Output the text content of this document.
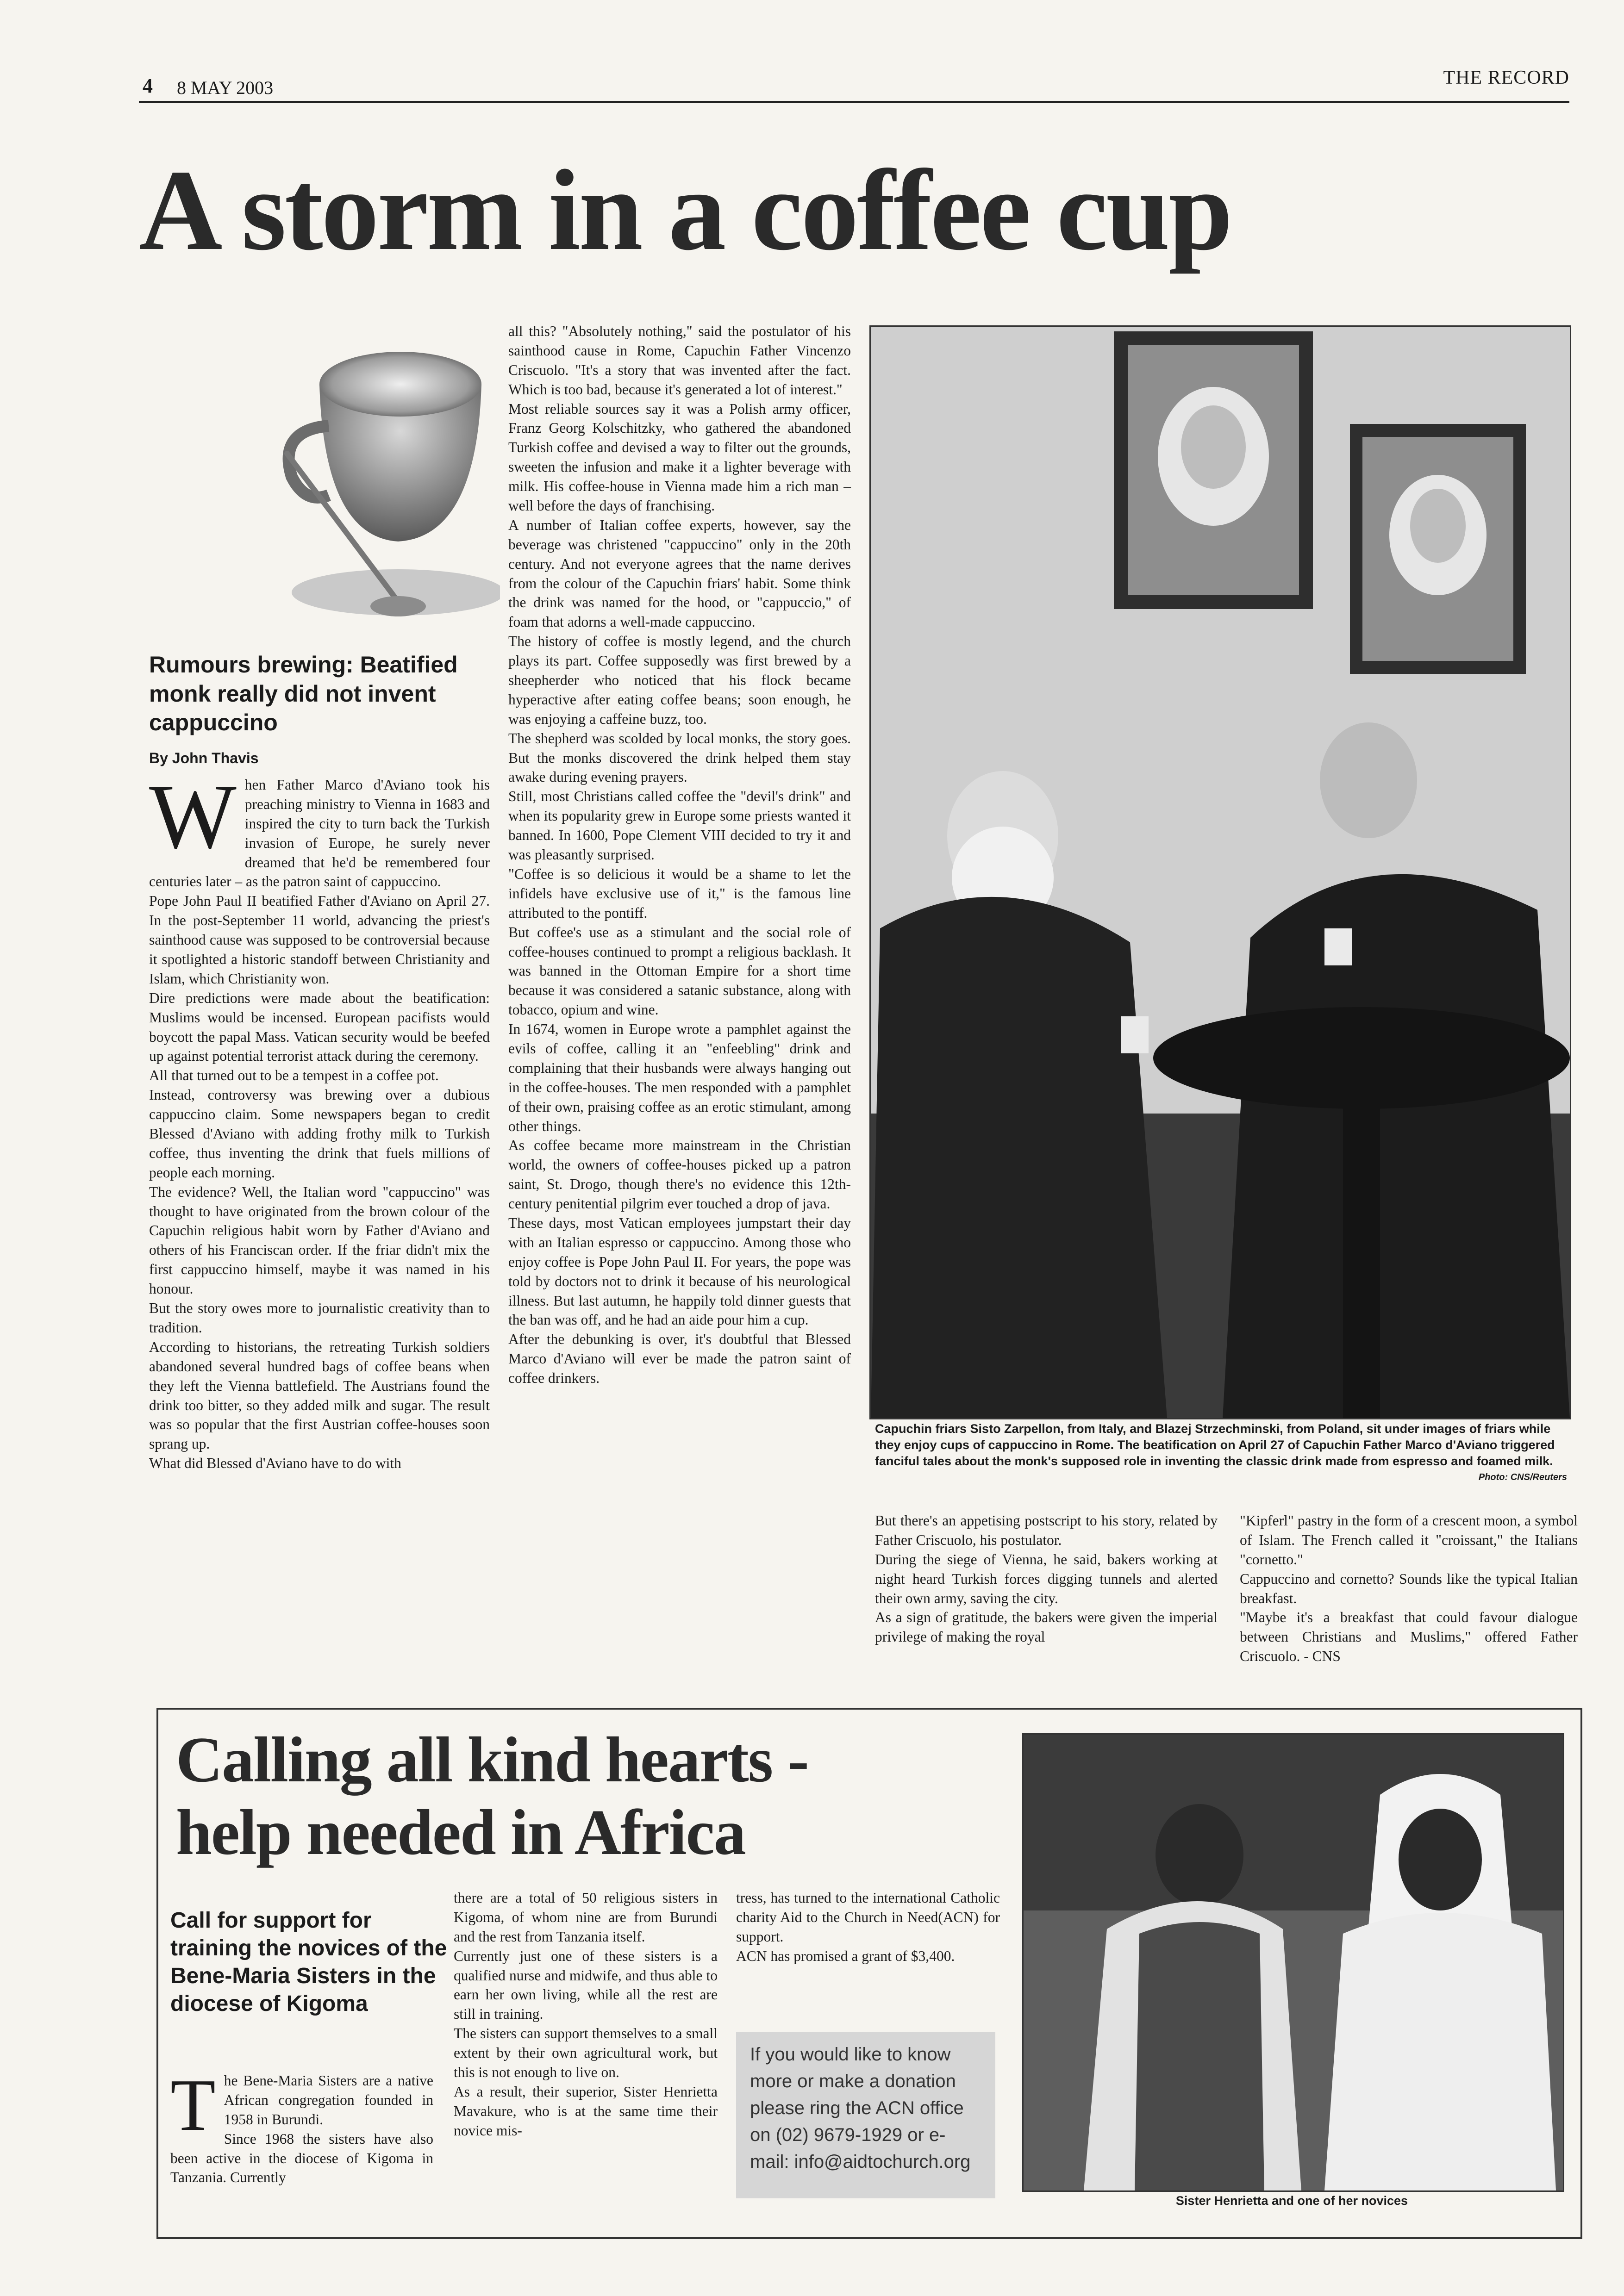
4 8 MAY 2003	THE RECORD
A storm in a coffee cup
Rumours brewing: Beatified monk really did not invent cappuccino
By John Thavis

When Father Marco d'Aviano took his preaching ministry to Vienna in 1683 and inspired the city to turn back the Turkish invasion of Europe, he surely never dreamed that he'd be remembered four centuries later – as the patron saint of cappuccino.

Pope John Paul II beatified Father d'Aviano on April 27. In the post-September 11 world, advancing the priest's sainthood cause was supposed to be controversial because it spotlighted a historic standoff between Christianity and Islam, which Christianity won.

Dire predictions were made about the beatification: Muslims would be incensed. European pacifists would boycott the papal Mass. Vatican security would be beefed up against potential terrorist attack during the ceremony.

All that turned out to be a tempest in a coffee pot.

Instead, controversy was brewing over a dubious cappuccino claim. Some newspapers began to credit Blessed d'Aviano with adding frothy milk to Turkish coffee, thus inventing the drink that fuels millions of people each morning.

The evidence? Well, the Italian word "cappuccino" was thought to have originated from the brown colour of the Capuchin religious habit worn by Father d'Aviano and others of his Franciscan order. If the friar didn't mix the first cappuccino himself, maybe it was named in his honour.

But the story owes more to journalistic creativity than to tradition.

According to historians, the retreating Turkish soldiers abandoned several hundred bags of coffee beans when they left the Vienna battlefield. The Austrians found the drink too bitter, so they added milk and sugar. The result was so popular that the first Austrian coffee-houses soon sprang up.

What did Blessed d'Aviano have to do with

all this? "Absolutely nothing," said the postulator of his sainthood cause in Rome, Capuchin Father Vincenzo Criscuolo. "It's a story that was invented after the fact. Which is too bad, because it's generated a lot of interest."

Most reliable sources say it was a Polish army officer, Franz Georg Kolschitzky, who gathered the abandoned Turkish coffee and devised a way to filter out the grounds, sweeten the infusion and make it a lighter beverage with milk. His coffee-house in Vienna made him a rich man – well before the days of franchising.

A number of Italian coffee experts, however, say the beverage was christened "cappuccino" only in the 20th century. And not everyone agrees that the name derives from the colour of the Capuchin friars' habit. Some think the drink was named for the hood, or "cappuccio," of foam that adorns a well-made cappuccino.

The history of coffee is mostly legend, and the church plays its part. Coffee supposedly was first brewed by a sheepherder who noticed that his flock became hyperactive after eating coffee beans; soon enough, he was enjoying a caffeine buzz, too.

The shepherd was scolded by local monks, the story goes. But the monks discovered the drink helped them stay awake during evening prayers.

Still, most Christians called coffee the "devil's drink" and when its popularity grew in Europe some priests wanted it banned. In 1600, Pope Clement VIII decided to try it and was pleasantly surprised.

"Coffee is so delicious it would be a shame to let the infidels have exclusive use of it," is the famous line attributed to the pontiff.

But coffee's use as a stimulant and the social role of coffee-houses continued to prompt a religious backlash. It was banned in the Ottoman Empire for a short time because it was considered a satanic substance, along with tobacco, opium and wine.

In 1674, women in Europe wrote a pamphlet against the evils of coffee, calling it an "enfeebling" drink and complaining that their husbands were always hanging out in the coffee-houses. The men responded with a pamphlet of their own, praising coffee as an erotic stimulant, among other things.

As coffee became more mainstream in the Christian world, the owners of coffee-houses picked up a patron saint, St. Drogo, though there's no evidence this 12th-century penitential pilgrim ever touched a drop of java.

These days, most Vatican employees jumpstart their day with an Italian espresso or cappuccino. Among those who enjoy coffee is Pope John Paul II. For years, the pope was told by doctors not to drink it because of his neurological illness. But last autumn, he happily told dinner guests that the ban was off, and he had an aide pour him a cup.

After the debunking is over, it's doubtful that Blessed Marco d'Aviano will ever be made the patron saint of coffee drinkers.

Capuchin friars Sisto Zarpellon, from Italy, and Blazej Strzechminski, from Poland, sit under images of friars while they enjoy cups of cappuccino in Rome. The beatification on April 27 of Capuchin Father Marco d'Aviano triggered fanciful tales about the monk's supposed role in inventing the classic drink made from espresso and foamed milk.
Photo: CNS/Reuters

But there's an appetising postscript to his story, related by Father Criscuolo, his postulator.

During the siege of Vienna, he said, bakers working at night heard Turkish forces digging tunnels and alerted their own army, saving the city.

As a sign of gratitude, the bakers were given the imperial privilege of making the royal

"Kipferl" pastry in the form of a crescent moon, a symbol of Islam. The French called it "croissant," the Italians "cornetto."

Cappuccino and cornetto? Sounds like the typical Italian breakfast.

"Maybe it's a breakfast that could favour dialogue between Christians and Muslims," offered Father Criscuolo. - CNS

Calling all kind hearts -
help needed in Africa
Call for support for training the novices of the Bene-Maria Sisters in the diocese of Kigoma

The Bene-Maria Sisters are a native African congregation founded in 1958 in Burundi.

Since 1968 the sisters have also been active in the diocese of Kigoma in Tanzania. Currently

there are a total of 50 religious sisters in Kigoma, of whom nine are from Burundi and the rest from Tanzania itself.

Currently just one of these sisters is a qualified nurse and midwife, and thus able to earn her own living, while all the rest are still in training.

The sisters can support themselves to a small extent by their own agricultural work, but this is not enough to live on.

As a result, their superior, Sister Henrietta Mavakure, who is at the same time their novice mis-

tress, has turned to the international Catholic charity Aid to the Church in Need(ACN) for support.

ACN has promised a grant of $3,400.

If you would like to know more or make a donation please ring the ACN office on (02) 9679-1929 or e-mail: info@aidtochurch.org
Sister Henrietta and one of her novices
